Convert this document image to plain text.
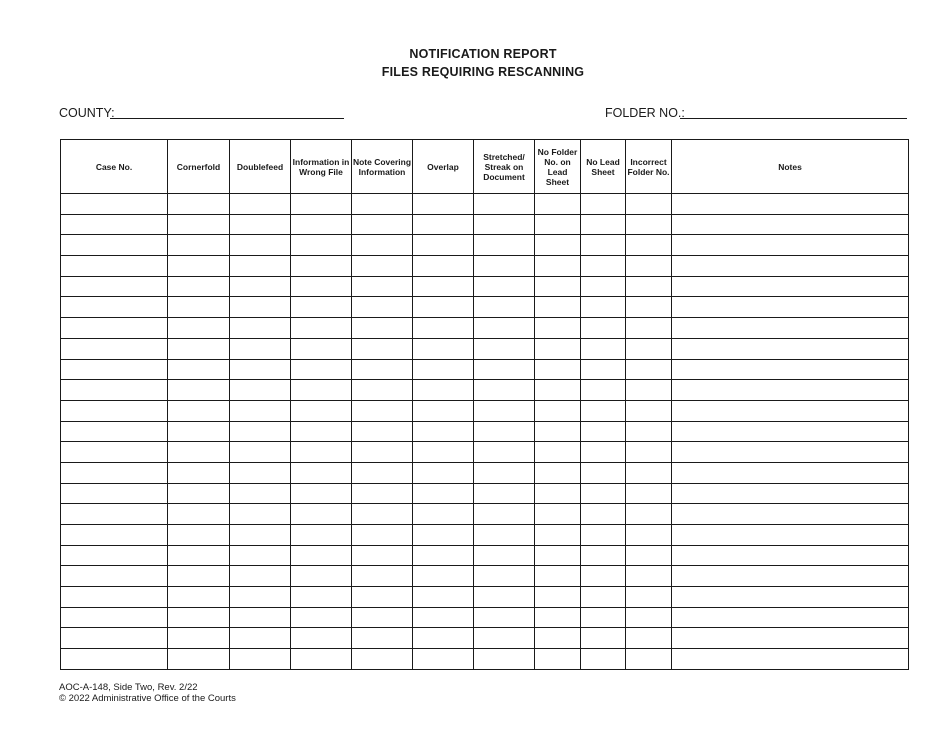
NOTIFICATION REPORT
FILES REQUIRING RESCANNING
COUNTY:	FOLDER NO.:
Case No.	Cornerfold	Doublefeed	Information in Wrong File	Note Covering Information	Overlap	Stretched/ Streak on Document	No Folder No. on Lead Sheet	No Lead Sheet	Incorrect Folder No.	Notes

AOC-A-148, Side Two, Rev. 2/22
© 2022 Administrative Office of the Courts
